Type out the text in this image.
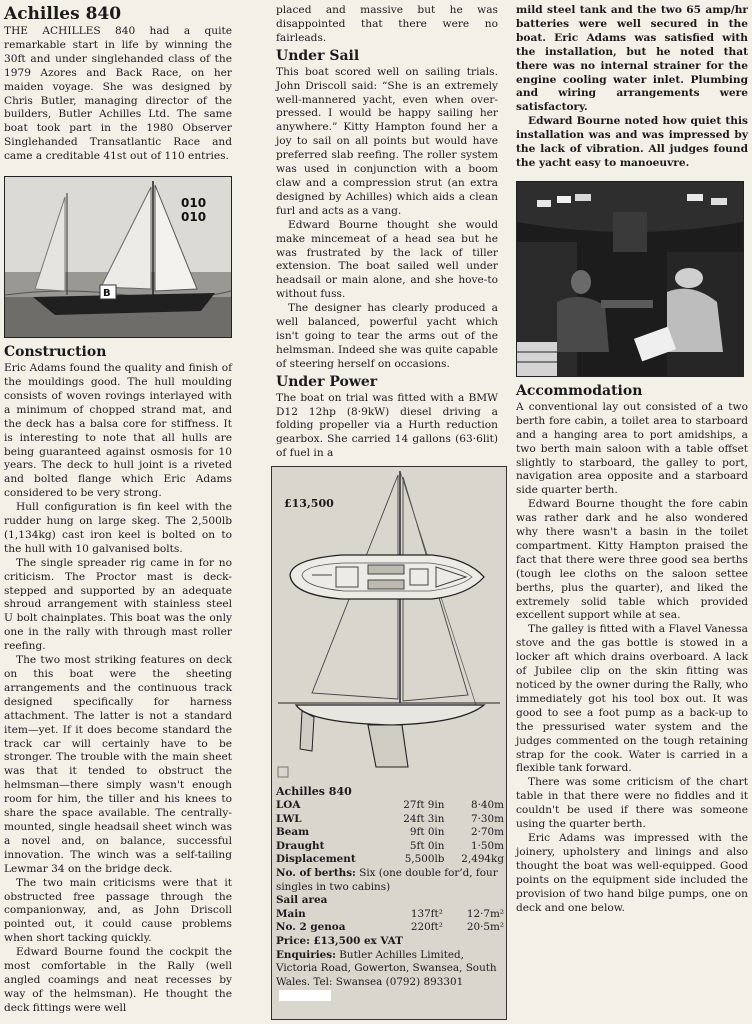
Achilles 840

THE ACHILLES 840 had a quite remarkable start in life by winning the 30ft and under singlehanded class of the 1979 Azores and Back Race, on her maiden voyage. She was designed by Chris Butler, managing director of the builders, Butler Achilles Ltd. The same boat took part in the 1980 Observer Singlehanded Transatlantic Race and came a creditable 41st out of 110 entries.

010
010
B
Construction

Eric Adams found the quality and finish of the mouldings good. The hull moulding consists of woven rovings interlayed with a minimum of chopped strand mat, and the deck has a balsa core for stiffness. It is interesting to note that all hulls are being guaranteed against osmosis for 10 years. The deck to hull joint is a riveted and bolted flange which Eric Adams considered to be very strong.

Hull configuration is fin keel with the rudder hung on large skeg. The 2,500lb (1,134kg) cast iron keel is bolted on to the hull with 10 galvanised bolts.

The single spreader rig came in for no criticism. The Proctor mast is deck-stepped and supported by an adequate shroud arrangement with stainless steel U bolt chainplates. This boat was the only one in the rally with through mast roller reefing.

The two most striking features on deck on this boat were the sheeting arrangements and the continuous track designed specifically for harness attachment. The latter is not a standard item—yet. If it does become standard the track car will certainly have to be stronger. The trouble with the main sheet was that it tended to obstruct the helmsman—there simply wasn't enough room for him, the tiller and his knees to share the space available. The centrally-mounted, single headsail sheet winch was a novel and, on balance, successful innovation. The winch was a self-tailing Lewmar 34 on the bridge deck.

The two main criticisms were that it obstructed free passage through the companionway, and, as John Driscoll pointed out, it could cause problems when short tacking quickly.

Edward Bourne found the cockpit the most comfortable in the Rally (well angled coamings and neat recesses by way of the helmsman). He thought the deck fittings were well

placed and massive but he was disappointed that there were no fairleads.

Under Sail

This boat scored well on sailing trials. John Driscoll said: “She is an extremely well-mannered yacht, even when over-pressed. I would be happy sailing her anywhere.” Kitty Hampton found her a joy to sail on all points but would have preferred slab reefing. The roller system was used in conjunction with a boom claw and a compression strut (an extra designed by Achilles) which aids a clean furl and acts as a vang.

Edward Bourne thought she would make mincemeat of a head sea but he was frustrated by the lack of tiller extension. The boat sailed well under headsail or main alone, and she hove-to without fuss.

The designer has clearly produced a well balanced, powerful yacht which isn't going to tear the arms out of the helmsman. Indeed she was quite capable of steering herself on occasions.

Under Power

The boat on trial was fitted with a BMW D12 12hp (8·9kW) diesel driving a folding propeller via a Hurth reduction gearbox. She carried 14 gallons (63·6lit) of fuel in a

£13,500
Achilles 840
LOA	27ft 9in	8·40m
LWL	24ft 3in	7·30m
Beam	9ft 0in	2·70m
Draught	5ft 0in	1·50m
Displacement	5,500lb	2,494kg
No. of berths: Six (one double for’d, four singles in two cabins)
Sail area
Main	137ft²	12·7m²
No. 2 genoa	220ft²	20·5m²
Price: £13,500 ex VAT
Enquiries: Butler Achilles Limited, Victoria Road, Gowerton, Swansea, South Wales. Tel: Swansea (0792) 893301

mild steel tank and the two 65 amp/hr batteries were well secured in the boat. Eric Adams was satisfied with the installation, but he noted that there was no internal strainer for the engine cooling water inlet. Plumbing and wiring arrangements were satisfactory.

Edward Bourne noted how quiet this installation was and was impressed by the lack of vibration. All judges found the yacht easy to manoeuvre.

Accommodation

A conventional lay out consisted of a two berth fore cabin, a toilet area to starboard and a hanging area to port amidships, a two berth main saloon with a table offset slightly to starboard, the galley to port, navigation area opposite and a starboard side quarter berth.

Edward Bourne thought the fore cabin was rather dark and he also wondered why there wasn't a basin in the toilet compartment. Kitty Hampton praised the fact that there were three good sea berths (tough lee cloths on the saloon settee berths, plus the quarter), and liked the extremely solid table which provided excellent support while at sea.

The galley is fitted with a Flavel Vanessa stove and the gas bottle is stowed in a locker aft which drains overboard. A lack of Jubilee clip on the skin fitting was noticed by the owner during the Rally, who immediately got his tool box out. It was good to see a foot pump as a back-up to the pressurised water system and the judges commented on the tough retaining strap for the cook. Water is carried in a flexible tank forward.

There was some criticism of the chart table in that there were no fiddles and it couldn't be used if there was someone using the quarter berth.

Eric Adams was impressed with the joinery, upholstery and linings and also thought the boat was well-equipped. Good points on the equipment side included the provision of two hand bilge pumps, one on deck and one below.
